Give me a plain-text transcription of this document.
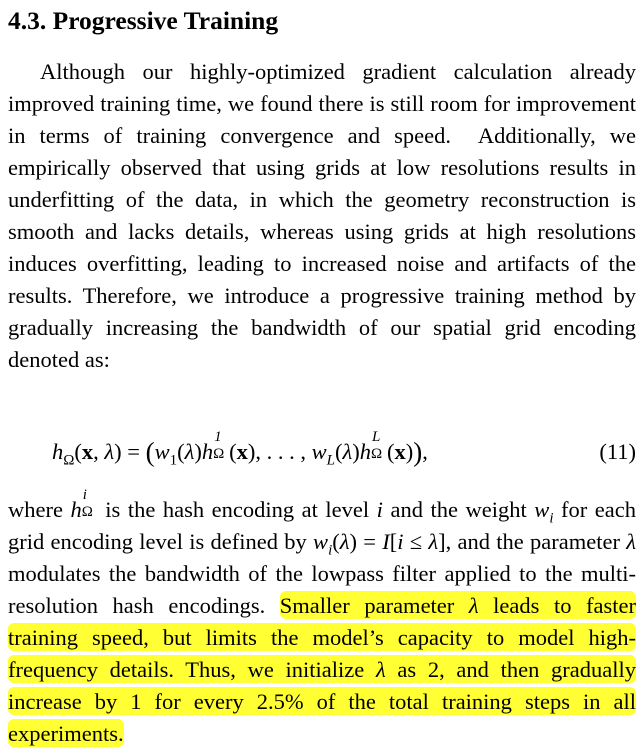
4.3. Progressive Training
Although our highly-optimized gradient calculation already improved training time, we found there is still room for improvement in terms of training convergence and speed.  Additionally, we empirically observed that using grids at low resolutions results in underfitting of the data, in which the geometry reconstruction is smooth and lacks details, whereas using grids at high resolutions induces overfitting, leading to increased noise and artifacts of the results. Therefore, we introduce a progressive training method by gradually increasing the bandwidth of our spatial grid encoding denoted as:
$h_\Omega(x$, $\lambda) = (w_1(\lambda)h$
1
Ω (x), . . . , $w_L(\lambda)h$
L
Ω (x)),	(11)
where h
i
Ω is the hash encoding at level i and the weight $w_i$ for each grid encoding level is defined by $w_i(\lambda) = I[i \le \lambda]$, and the parameter λ modulates the bandwidth of the lowpass filter applied to the multi-resolution hash encodings. Smaller parameter λ leads to faster training speed, but limits the model’s capacity to model high-frequency details. Thus, we initialize λ as 2, and then gradually increase by 1 for every 2.5% of the total training steps in all experiments.
